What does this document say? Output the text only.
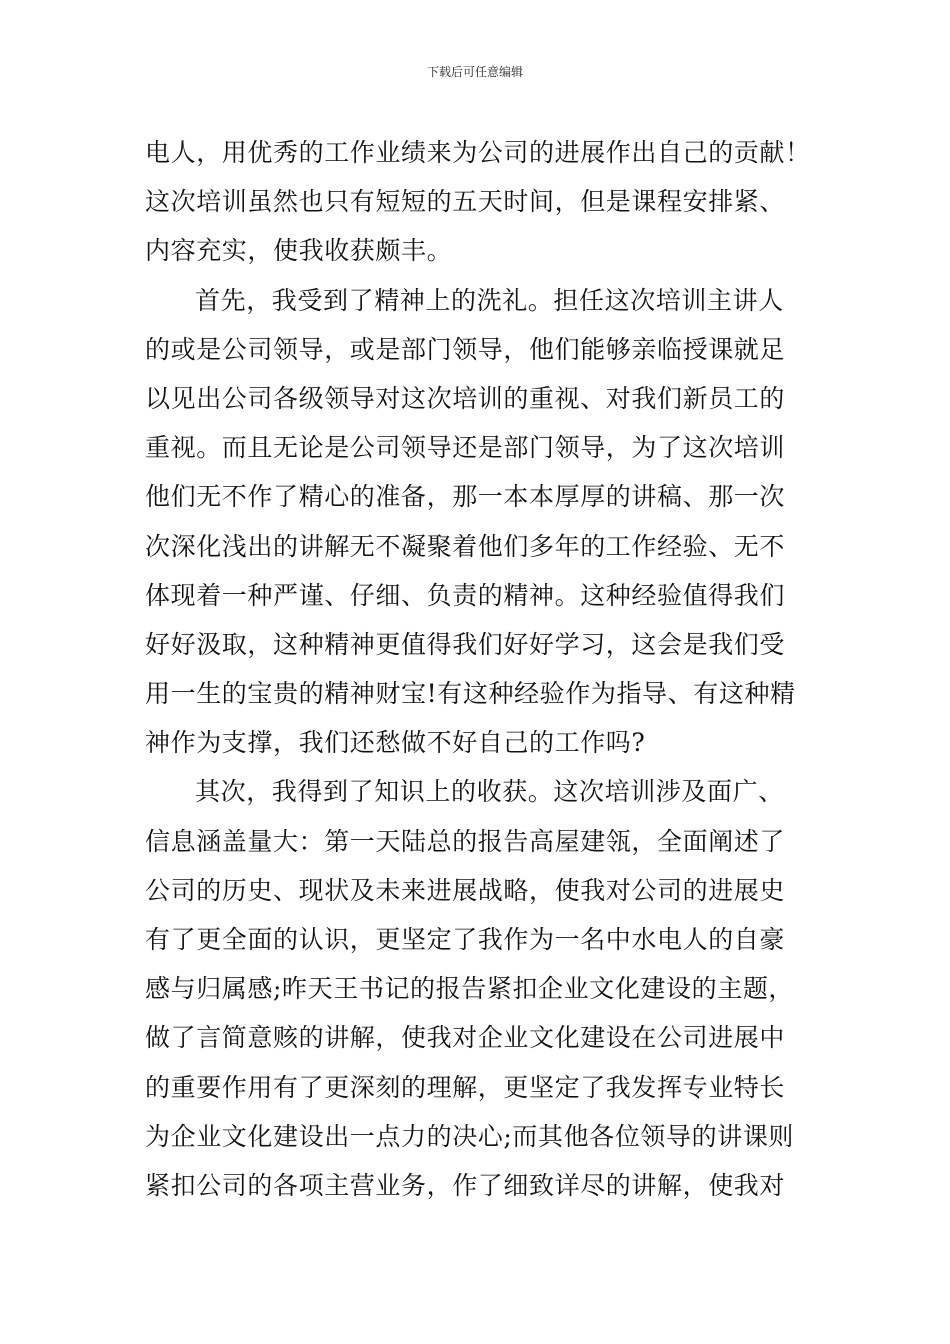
下载后可任意编辑
电人，用优秀的工作业绩来为公司的进展作出自己的贡献！
这次培训虽然也只有短短的五天时间，但是课程安排紧、
内容充实，使我收获颇丰。
首先，我受到了精神上的洗礼。担任这次培训主讲人
的或是公司领导，或是部门领导，他们能够亲临授课就足
以见出公司各级领导对这次培训的重视、对我们新员工的
重视。而且无论是公司领导还是部门领导，为了这次培训
他们无不作了精心的准备，那一本本厚厚的讲稿、那一次
次深化浅出的讲解无不凝聚着他们多年的工作经验、无不
体现着一种严谨、仔细、负责的精神。这种经验值得我们
好好汲取，这种精神更值得我们好好学习，这会是我们受
用一生的宝贵的精神财宝!有这种经验作为指导、有这种精
神作为支撑，我们还愁做不好自己的工作吗?
其次，我得到了知识上的收获。这次培训涉及面广、
信息涵盖量大：第一天陆总的报告高屋建瓴，全面阐述了
公司的历史、现状及未来进展战略，使我对公司的进展史
有了更全面的认识，更坚定了我作为一名中水电人的自豪
感与归属感;昨天王书记的报告紧扣企业文化建设的主题，
做了言简意赅的讲解，使我对企业文化建设在公司进展中
的重要作用有了更深刻的理解，更坚定了我发挥专业特长
为企业文化建设出一点力的决心;而其他各位领导的讲课则
紧扣公司的各项主营业务，作了细致详尽的讲解，使我对
